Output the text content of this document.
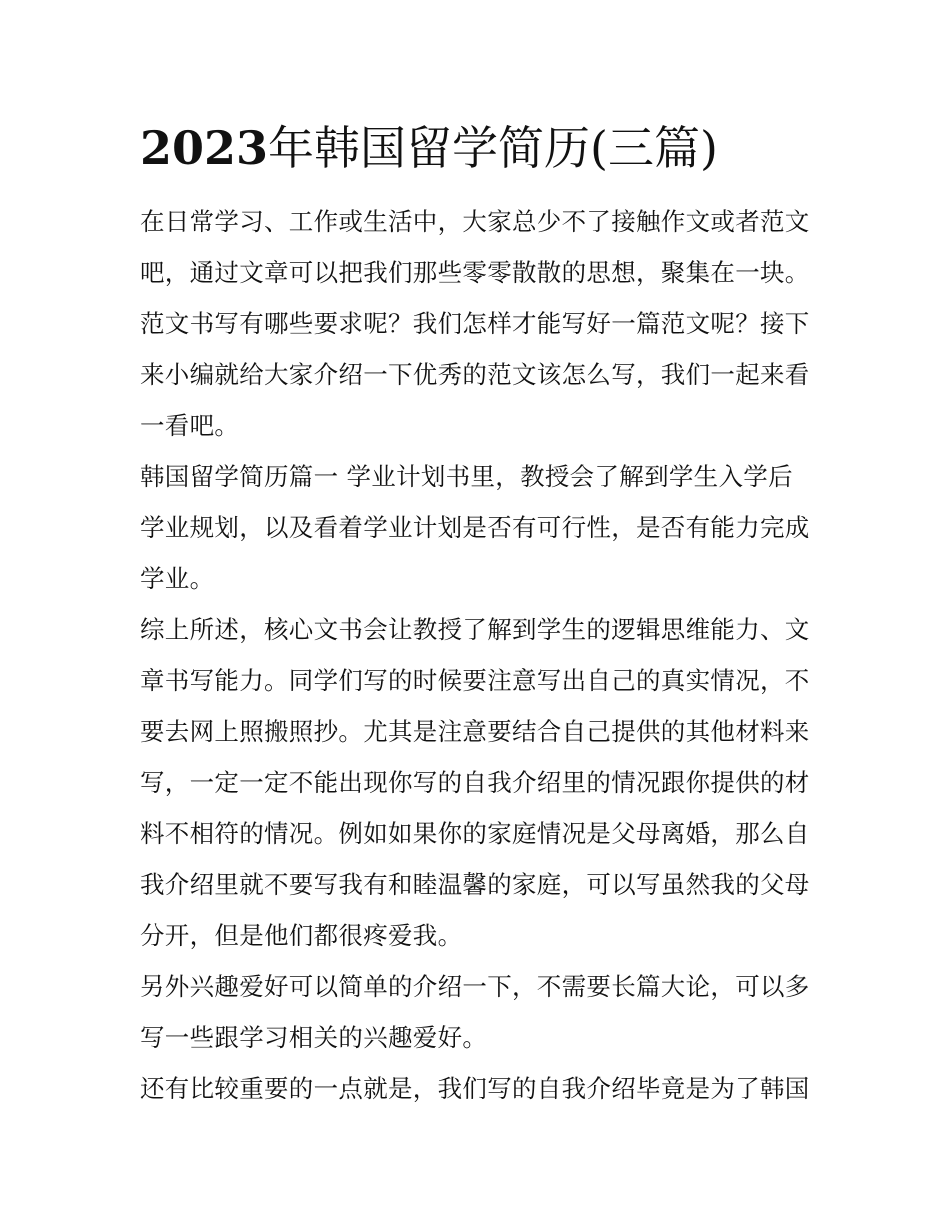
2023年韩国留学简历(三篇)

在日常学习、工作或生活中，大家总少不了接触作文或者范文
吧，通过文章可以把我们那些零零散散的思想，聚集在一块。
范文书写有哪些要求呢？我们怎样才能写好一篇范文呢？接下
来小编就给大家介绍一下优秀的范文该怎么写，我们一起来看
一看吧。

韩国留学简历篇一 学业计划书里，教授会了解到学生入学后
学业规划，以及看着学业计划是否有可行性，是否有能力完成
学业。

综上所述，核心文书会让教授了解到学生的逻辑思维能力、文
章书写能力。同学们写的时候要注意写出自己的真实情况，不
要去网上照搬照抄。尤其是注意要结合自己提供的其他材料来
写，一定一定不能出现你写的自我介绍里的情况跟你提供的材
料不相符的情况。例如如果你的家庭情况是父母离婚，那么自
我介绍里就不要写我有和睦温馨的家庭，可以写虽然我的父母
分开，但是他们都很疼爱我。

另外兴趣爱好可以简单的介绍一下，不需要长篇大论，可以多
写一些跟学习相关的兴趣爱好。

还有比较重要的一点就是，我们写的自我介绍毕竟是为了韩国
